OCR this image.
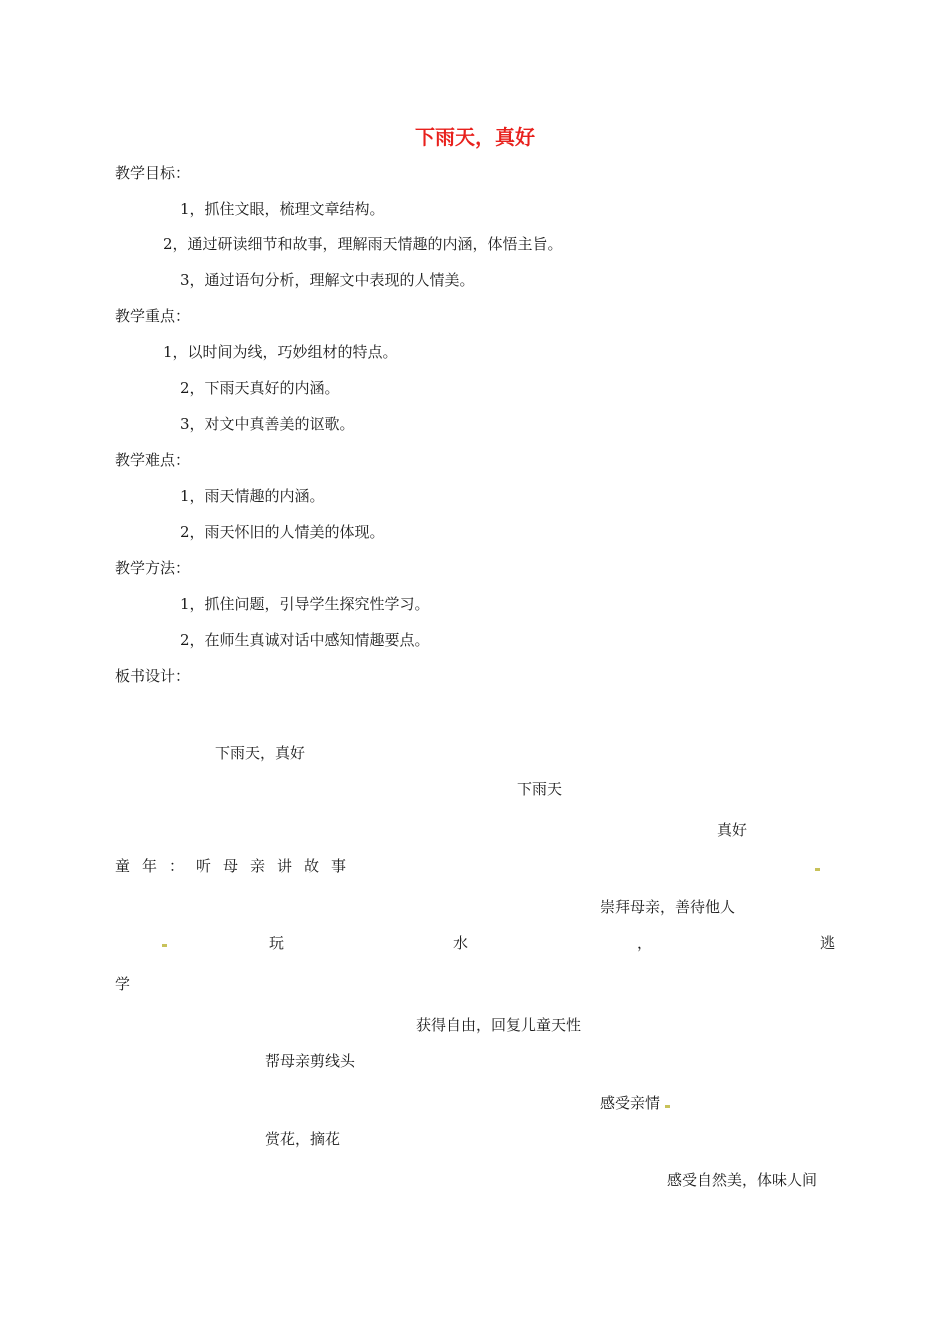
下雨天，真好
教学目标：
1，抓住文眼，梳理文章结构。
2，通过研读细节和故事，理解雨天情趣的内涵，体悟主旨。
3，通过语句分析，理解文中表现的人情美。
教学重点：
1，以时间为线，巧妙组材的特点。
2，下雨天真好的内涵。
3，对文中真善美的讴歌。
教学难点：
1，雨天情趣的内涵。
2，雨天怀旧的人情美的体现。
教学方法：
1，抓住问题，引导学生探究性学习。
2，在师生真诚对话中感知情趣要点。
板书设计：
下雨天，真好
下雨天
真好
童年：听母亲讲故事
崇拜母亲，善待他人
玩	水	，	逃
学
获得自由，回复儿童天性
帮母亲剪线头
感受亲情
赏花，摘花
感受自然美，体味人间
